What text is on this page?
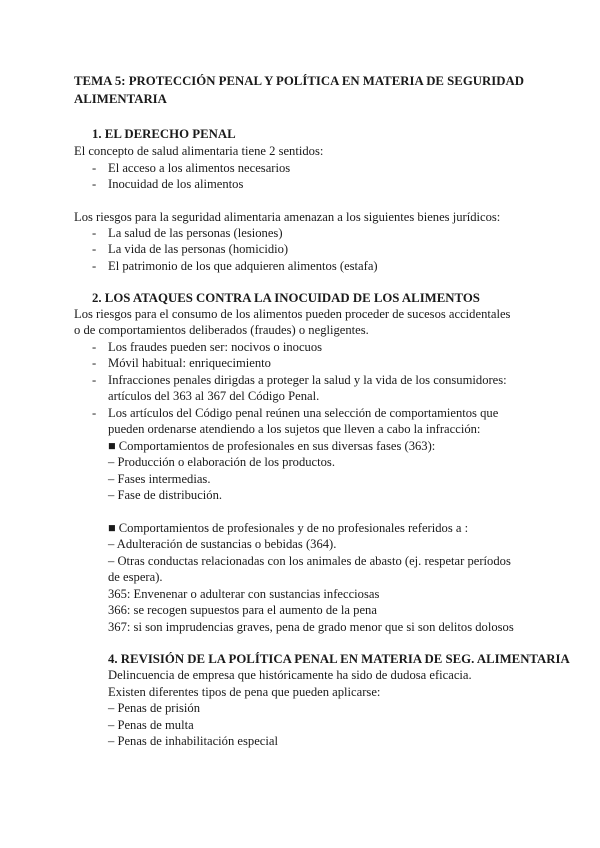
TEMA 5: PROTECCIÓN PENAL Y POLÍTICA EN MATERIA DE SEGURIDAD
ALIMENTARIA
1. EL DERECHO PENAL
El concepto de salud alimentaria tiene 2 sentidos:
- El acceso a los alimentos necesarios
- Inocuidad de los alimentos
Los riesgos para la seguridad alimentaria amenazan a los siguientes bienes jurídicos:
- La salud de las personas (lesiones)
- La vida de las personas (homicidio)
- El patrimonio de los que adquieren alimentos (estafa)
2. LOS ATAQUES CONTRA LA INOCUIDAD DE LOS ALIMENTOS
Los riesgos para el consumo de los alimentos pueden proceder de sucesos accidentales
o de comportamientos deliberados (fraudes) o negligentes.
- Los fraudes pueden ser: nocivos o inocuos
- Móvil habitual: enriquecimiento
- Infracciones penales dirigdas a proteger la salud y la vida de los consumidores:
artículos del 363 al 367 del Código Penal.
- Los artículos del Código penal reúnen una selección de comportamientos que
pueden ordenarse atendiendo a los sujetos que lleven a cabo la infracción:
■ Comportamientos de profesionales en sus diversas fases (363):
– Producción o elaboración de los productos.
– Fases intermedias.
– Fase de distribución.
■ Comportamientos de profesionales y de no profesionales referidos a :
– Adulteración de sustancias o bebidas (364).
– Otras conductas relacionadas con los animales de abasto (ej. respetar períodos
de espera).
365: Envenenar o adulterar con sustancias infecciosas
366: se recogen supuestos para el aumento de la pena
367: si son imprudencias graves, pena de grado menor que si son delitos dolosos
4. REVISIÓN DE LA POLÍTICA PENAL EN MATERIA DE SEG. ALIMENTARIA
Delincuencia de empresa que históricamente ha sido de dudosa eficacia.
Existen diferentes tipos de pena que pueden aplicarse:
– Penas de prisión
– Penas de multa
– Penas de inhabilitación especial
